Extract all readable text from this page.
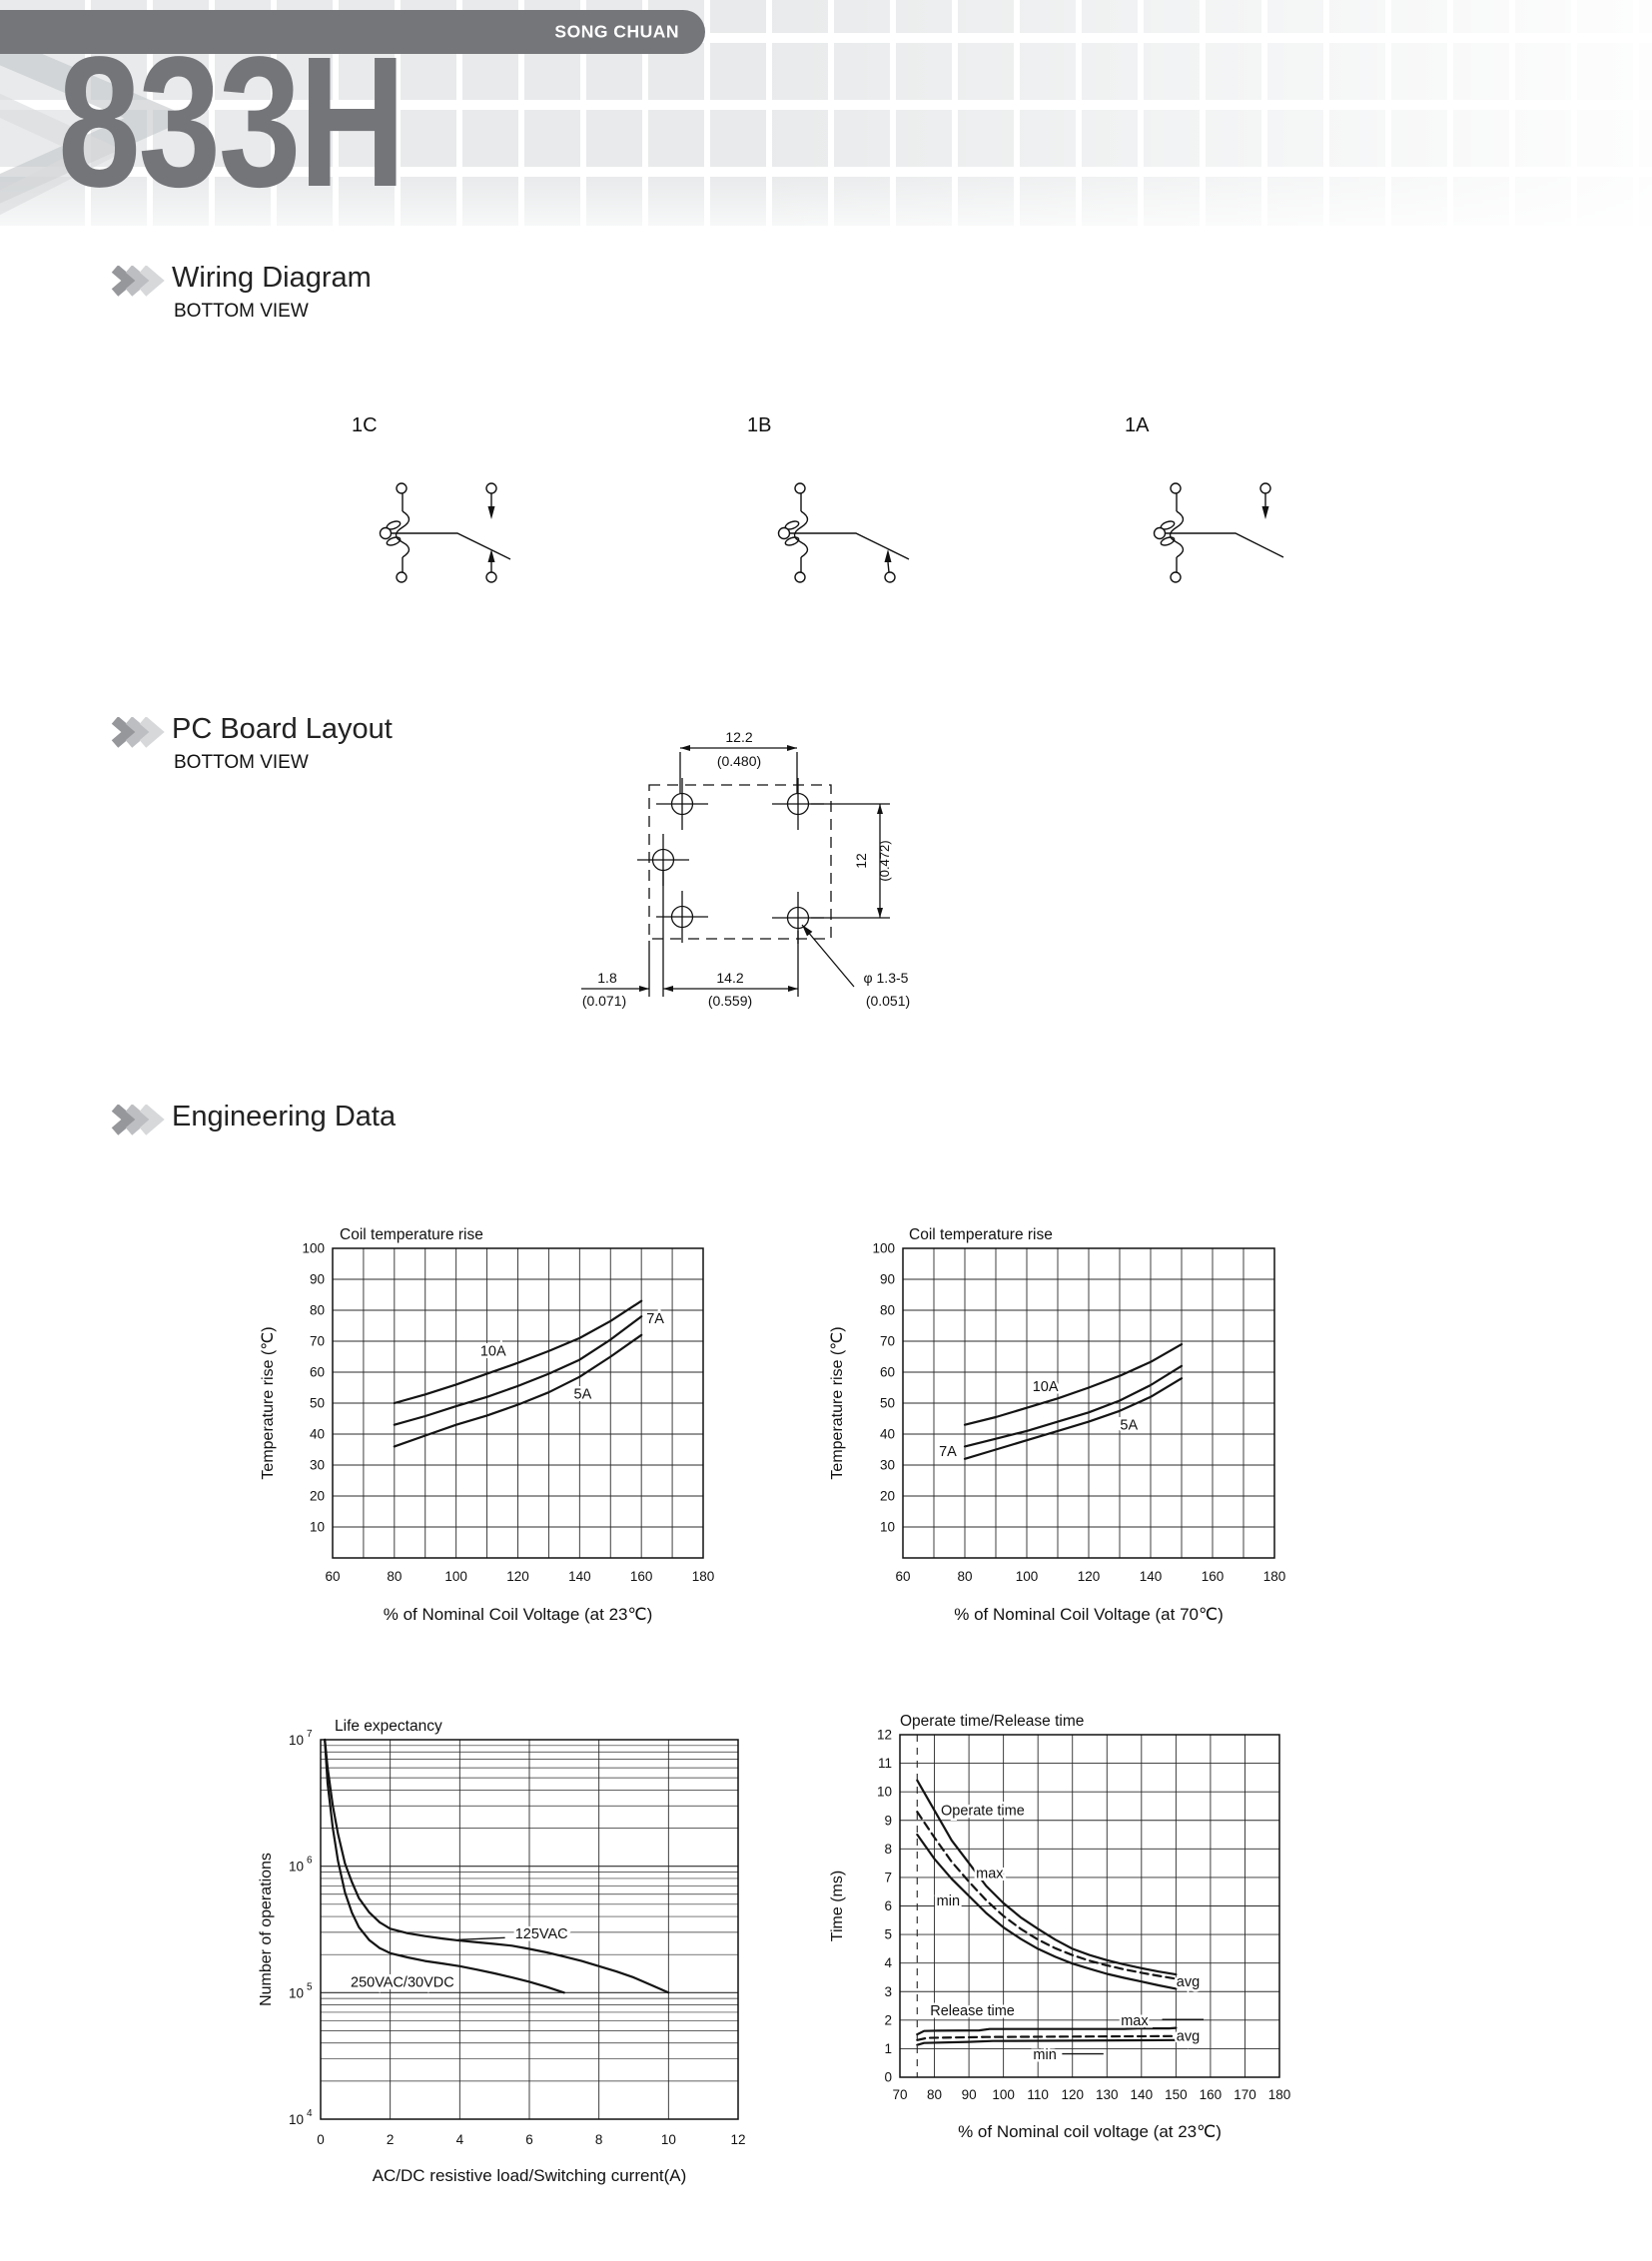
SONG CHUAN
833H
Wiring Diagram
BOTTOM VIEW
1C	1B	1A
PC Board Layout
BOTTOM VIEW
12.2
(0.480)
12 (0.472)
1.8
(0.071)
14.2
(0.559)
φ 1.3-5
(0.051)
Engineering Data
10A
7A
5A
60	80	100	120	140	160	180
10
20
30
40
50
60
70
80
90
100
Coil temperature rise
% of Nominal Coil Voltage (at 23℃)
Temperature rise (℃)	10A
7A
5A
60	80	100	120	140	160	180
10
20
30
40
50
60
70
80
90
100
Coil temperature rise
% of Nominal Coil Voltage (at 70℃)
Temperature rise (℃)
125VAC
250VAC/30VDC
0	2	4	6	8	10	12
10 $^7$
10 $^6$
10 $^5$
10 $^4$
Life expectancy
AC/DC resistive load/Switching current(A)
Number of operations
Operate time
max
min
avg
Release time
max
avg
min
70 80 90 100 110 120 130 140 150 160 170 180
0
1
2
3
4
5
6
7
8
9
10
11
12
Operate time/Release time
% of Nominal coil voltage (at 23℃)
Time (ms)
